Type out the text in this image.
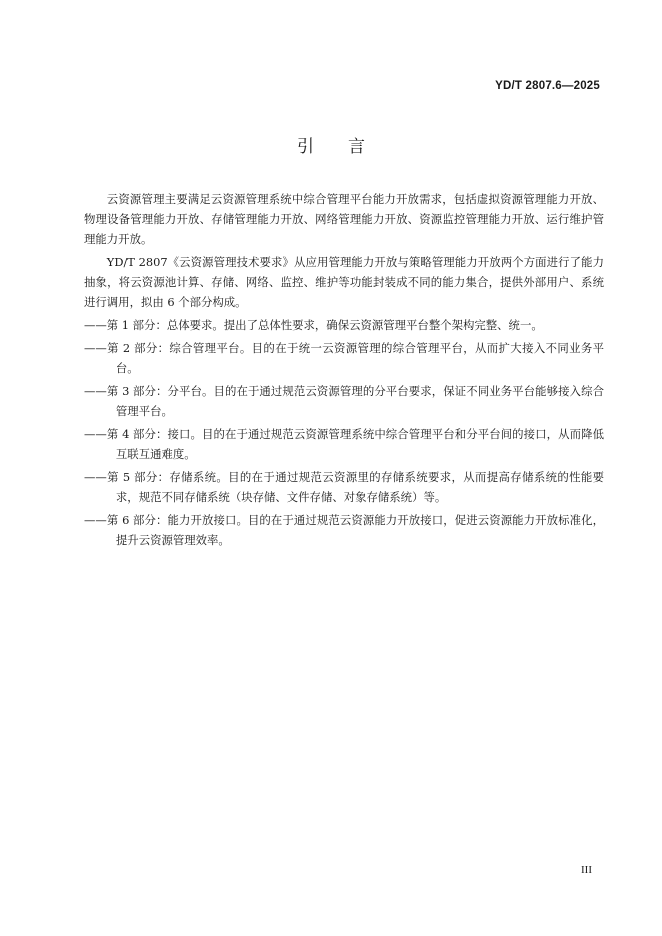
YD/T 2807.6—2025
引言

云资源管理主要满足云资源管理系统中综合管理平台能力开放需求，包括虚拟资源管理能力开放、物理设备管理能力开放、存储管理能力开放、网络管理能力开放、资源监控管理能力开放、运行维护管理能力开放。

YD/T 2807《云资源管理技术要求》从应用管理能力开放与策略管理能力开放两个方面进行了能力抽象，将云资源池计算、存储、网络、监控、维护等功能封装成不同的能力集合，提供外部用户、系统进行调用，拟由 6 个部分构成。

——第 1 部分：总体要求。提出了总体性要求，确保云资源管理平台整个架构完整、统一。

——第 2 部分：综合管理平台。目的在于统一云资源管理的综合管理平台，从而扩大接入不同业务平台。

——第 3 部分：分平台。目的在于通过规范云资源管理的分平台要求，保证不同业务平台能够接入综合管理平台。

——第 4 部分：接口。目的在于通过规范云资源管理系统中综合管理平台和分平台间的接口，从而降低互联互通难度。

——第 5 部分：存储系统。目的在于通过规范云资源里的存储系统要求，从而提高存储系统的性能要求，规范不同存储系统（块存储、文件存储、对象存储系统）等。

——第 6 部分：能力开放接口。目的在于通过规范云资源能力开放接口，促进云资源能力开放标准化，提升云资源管理效率。

III
